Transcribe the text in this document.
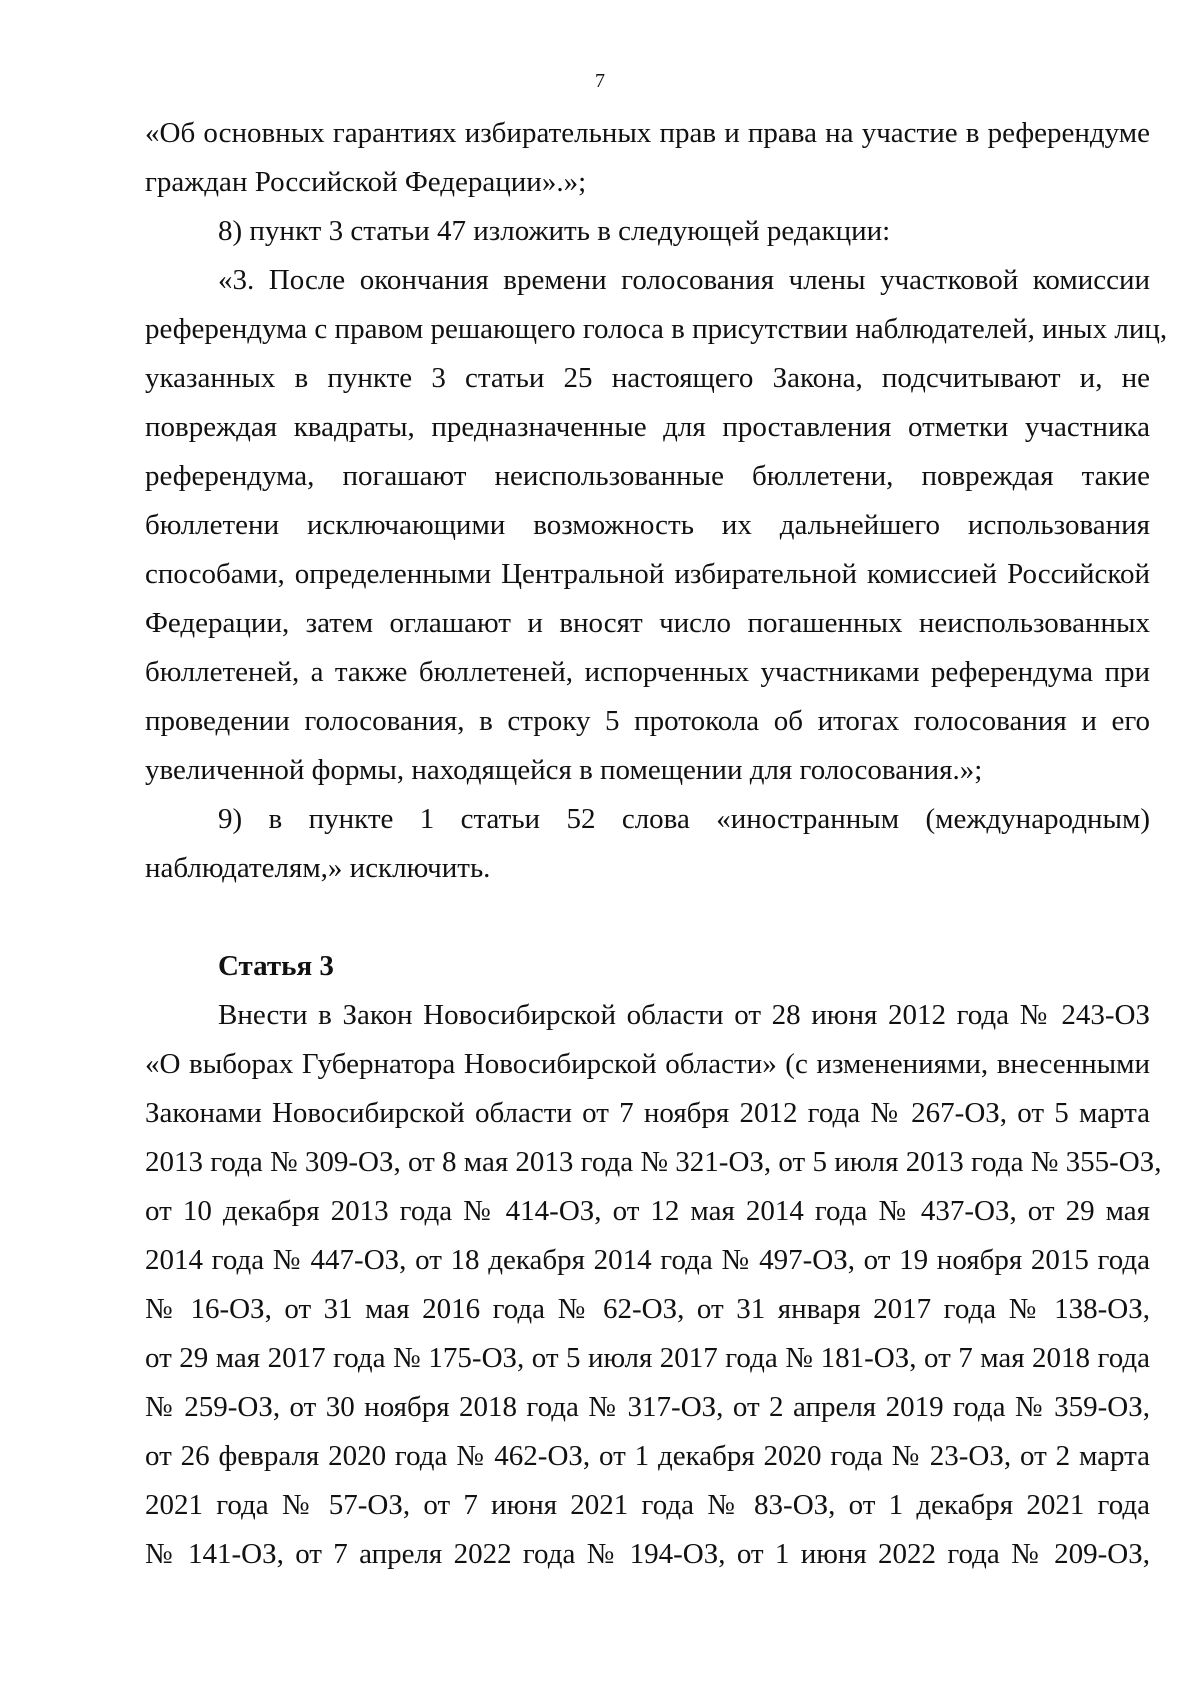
7
«Об основных гарантиях избирательных прав и права на участие в референдуме
граждан Российской Федерации».»;
8) пункт 3 статьи 47 изложить в следующей редакции:
«3. После окончания времени голосования члены участковой комиссии
референдума с правом решающего голоса в присутствии наблюдателей, иных лиц,
указанных в пункте 3 статьи 25 настоящего Закона, подсчитывают и, не
повреждая квадраты, предназначенные для проставления отметки участника
референдума, погашают неиспользованные бюллетени, повреждая такие
бюллетени исключающими возможность их дальнейшего использования
способами, определенными Центральной избирательной комиссией Российской
Федерации, затем оглашают и вносят число погашенных неиспользованных
бюллетеней, а также бюллетеней, испорченных участниками референдума при
проведении голосования, в строку 5 протокола об итогах голосования и его
увеличенной формы, находящейся в помещении для голосования.»;
9) в пункте 1 статьи 52 слова «иностранным (международным)
наблюдателям,» исключить.
Статья 3
Внести в Закон Новосибирской области от 28 июня 2012 года № 243-ОЗ
«О выборах Губернатора Новосибирской области» (с изменениями, внесенными
Законами Новосибирской области от 7 ноября 2012 года № 267-ОЗ, от 5 марта
2013 года № 309-ОЗ, от 8 мая 2013 года № 321-ОЗ, от 5 июля 2013 года № 355-ОЗ,
от 10 декабря 2013 года № 414-ОЗ, от 12 мая 2014 года № 437-ОЗ, от 29 мая
2014 года № 447-ОЗ, от 18 декабря 2014 года № 497-ОЗ, от 19 ноября 2015 года
№ 16-ОЗ, от 31 мая 2016 года № 62-ОЗ, от 31 января 2017 года № 138-ОЗ,
от 29 мая 2017 года № 175-ОЗ, от 5 июля 2017 года № 181-ОЗ, от 7 мая 2018 года
№ 259-ОЗ, от 30 ноября 2018 года № 317-ОЗ, от 2 апреля 2019 года № 359-ОЗ,
от 26 февраля 2020 года № 462-ОЗ, от 1 декабря 2020 года № 23-ОЗ, от 2 марта
2021 года № 57-ОЗ, от 7 июня 2021 года № 83-ОЗ, от 1 декабря 2021 года
№ 141-ОЗ, от 7 апреля 2022 года № 194-ОЗ, от 1 июня 2022 года № 209-ОЗ,
